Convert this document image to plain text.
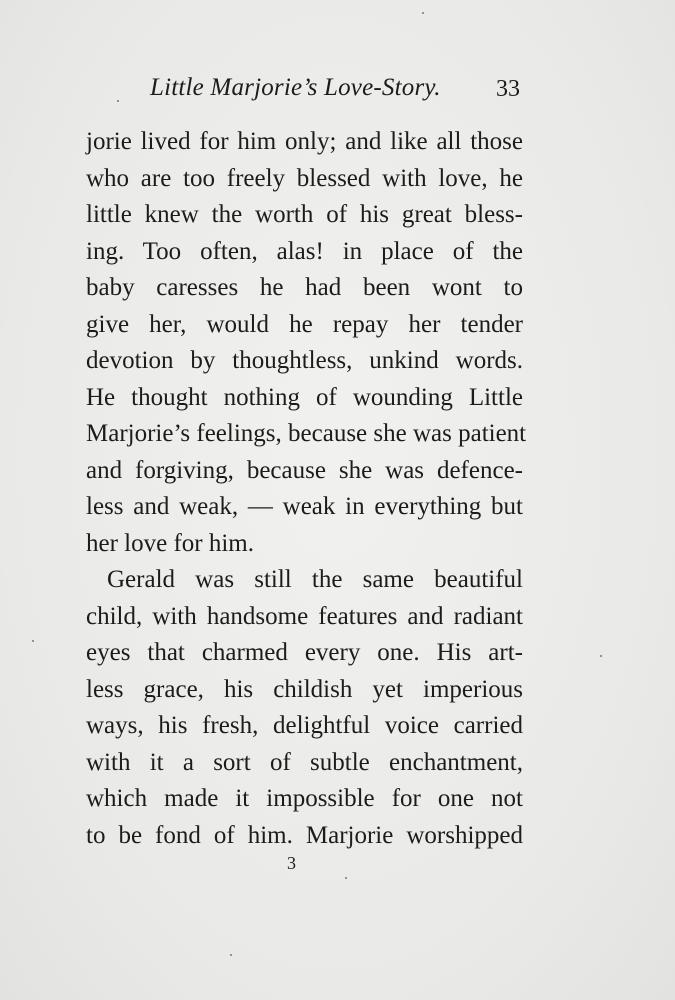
Little Marjorie’s Love-Story. 33
jorie lived for him only; and like all those
who are too freely blessed with love, he
little knew the worth of his great bless-
ing. Too often, alas! in place of the
baby caresses he had been wont to
give her, would he repay her tender
devotion by thoughtless, unkind words.
He thought nothing of wounding Little
Marjorie’s feelings, because she was patient
and forgiving, because she was defence-
less and weak, — weak in everything but
her love for him.
Gerald was still the same beautiful
child, with handsome features and radiant
eyes that charmed every one. His art-
less grace, his childish yet imperious
ways, his fresh, delightful voice carried
with it a sort of subtle enchantment,
which made it impossible for one not
to be fond of him. Marjorie worshipped
3
